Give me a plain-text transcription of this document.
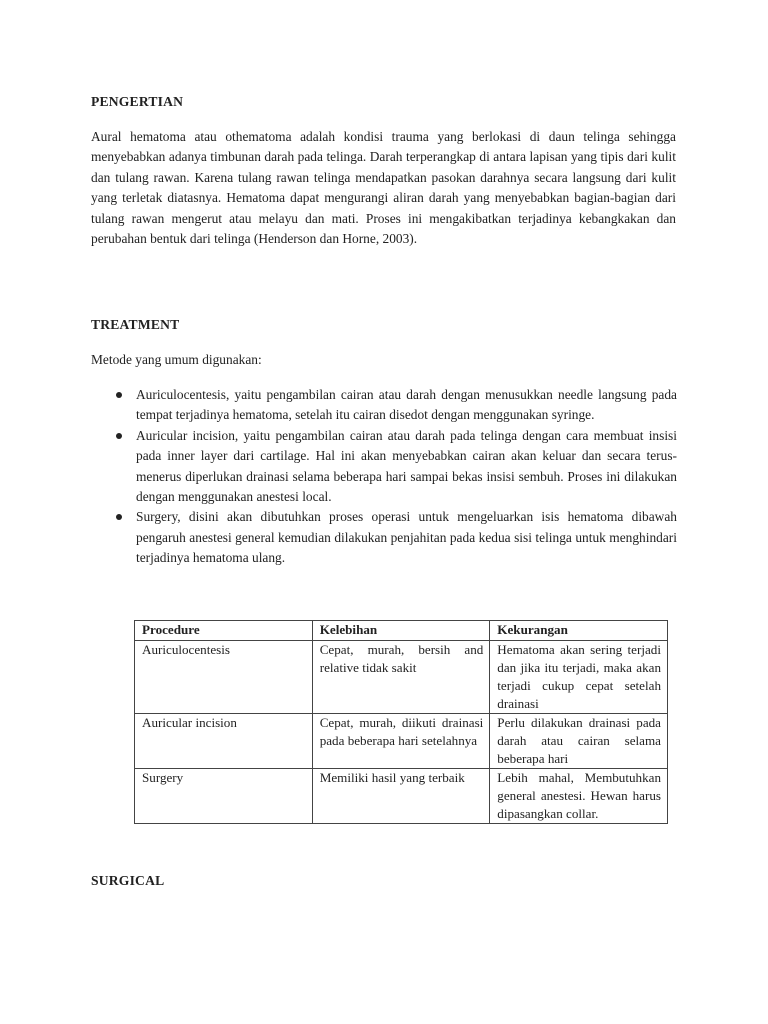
PENGERTIAN

Aural hematoma atau othematoma adalah kondisi trauma yang berlokasi di daun telinga sehingga menyebabkan adanya timbunan darah pada telinga. Darah terperangkap di antara lapisan yang tipis dari kulit dan tulang rawan. Karena tulang rawan telinga mendapatkan pasokan darahnya secara langsung dari kulit yang terletak diatasnya. Hematoma dapat mengurangi aliran darah yang menyebabkan bagian-bagian dari tulang rawan mengerut atau melayu dan mati. Proses ini mengakibatkan terjadinya kebangkakan dan perubahan bentuk dari telinga (Henderson dan Horne, 2003).

TREATMENT

Metode yang umum digunakan:

Auriculocentesis, yaitu pengambilan cairan atau darah dengan menusukkan needle langsung pada tempat terjadinya hematoma, setelah itu cairan disedot dengan menggunakan syringe.
Auricular incision, yaitu pengambilan cairan atau darah pada telinga dengan cara membuat insisi pada inner layer dari cartilage. Hal ini akan menyebabkan cairan akan keluar dan secara terus-menerus diperlukan drainasi selama beberapa hari sampai bekas insisi sembuh. Proses ini dilakukan dengan menggunakan anestesi local.
Surgery, disini akan dibutuhkan proses operasi untuk mengeluarkan isis hematoma dibawah pengaruh anestesi general kemudian dilakukan penjahitan pada kedua sisi telinga untuk menghindari terjadinya hematoma ulang.
Procedure	Kelebihan	Kekurangan
Auriculocentesis	Cepat, murah, bersih and relative tidak sakit	Hematoma akan sering terjadi dan jika itu terjadi, maka akan terjadi cukup cepat setelah drainasi
Auricular incision	Cepat, murah, diikuti drainasi pada beberapa hari setelahnya	Perlu dilakukan drainasi pada darah atau cairan selama beberapa hari
Surgery	Memiliki hasil yang terbaik	Lebih mahal, Membutuhkan general anestesi. Hewan harus dipasangkan collar.
SURGICAL
